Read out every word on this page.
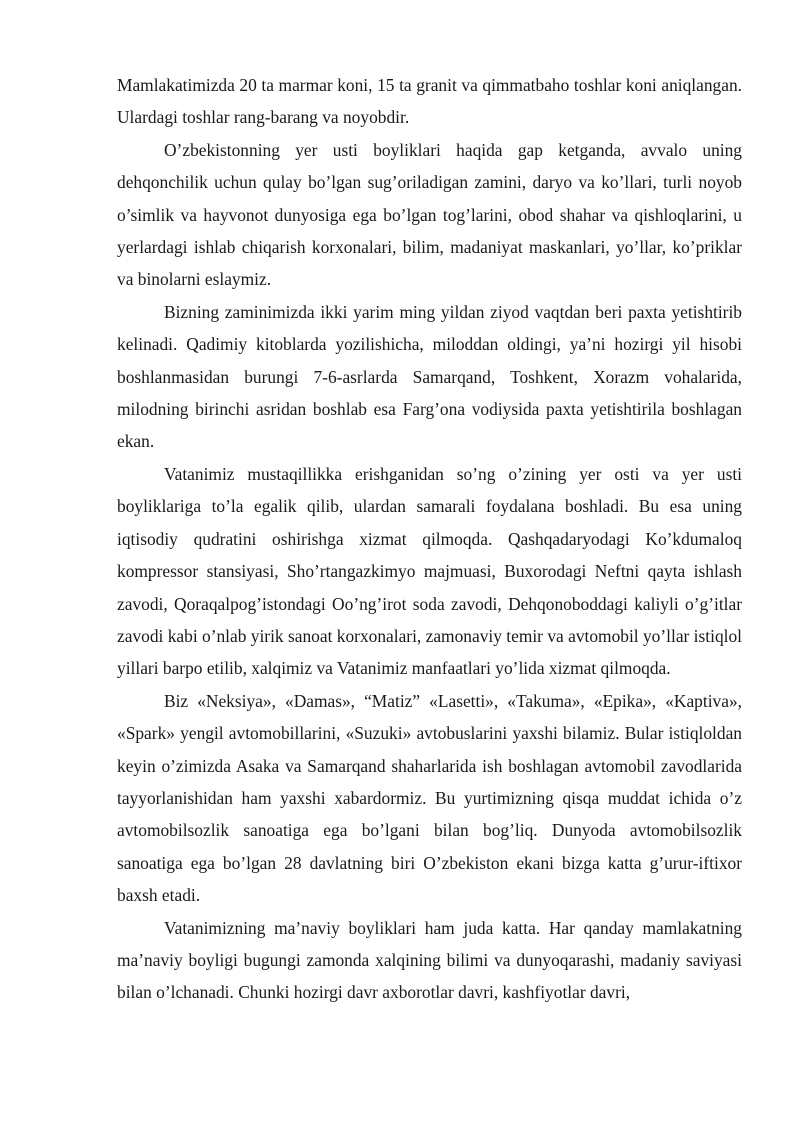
Mamlakatimizda 20 ta marmar koni, 15 ta granit va qimmatbaho toshlar koni aniqlangan. Ulardagi toshlar rang-barang va noyobdir.

O’zbekistonning yer usti boyliklari haqida gap ketganda, avvalo uning dehqonchilik uchun qulay bo’lgan sug’oriladigan zamini, daryo va ko’llari, turli noyob o’simlik va hayvonot dunyosiga ega bo’lgan tog’larini, obod shahar va qishloqlarini, u yerlardagi ishlab chiqarish korxonalari, bilim, madaniyat maskanlari, yo’llar, ko’priklar va binolarni eslaymiz.

Bizning zaminimizda ikki yarim ming yildan ziyod vaqtdan beri paxta yetishtirib kelinadi. Qadimiy kitoblarda yozilishicha, miloddan oldingi, ya’ni hozirgi yil hisobi boshlanmasidan burungi 7-6-asrlarda Samarqand, Toshkent, Xorazm vohalarida, milodning birinchi asridan boshlab esa Farg’ona vodiysida paxta yetishtirila boshlagan ekan.

Vatanimiz mustaqillikka erishganidan so’ng o’zining yer osti va yer usti boyliklariga to’la egalik qilib, ulardan samarali foydalana boshladi. Bu esa uning iqtisodiy qudratini oshirishga xizmat qilmoqda. Qashqadaryodagi Ko’kdumaloq kompressor stansiyasi, Sho’rtangazkimyo majmuasi, Buxorodagi Neftni qayta ishlash zavodi, Qoraqalpog’istondagi Oo’ng’irot soda zavodi, Dehqonoboddagi kaliyli o’g’itlar zavodi kabi o’nlab yirik sanoat korxonalari, zamonaviy temir va avtomobil yo’llar istiqlol yillari barpo etilib, xalqimiz va Vatanimiz manfaatlari yo’lida xizmat qilmoqda.

Biz «Neksiya», «Damas», “Matiz” «Lasetti», «Takuma», «Epika», «Kaptiva», «Spark» yengil avtomobillarini, «Suzuki» avtobuslarini yaxshi bilamiz. Bular istiqloldan keyin o’zimizda Asaka va Samarqand shaharlarida ish boshlagan avtomobil zavodlarida tayyorlanishidan ham yaxshi xabardormiz. Bu yurtimizning qisqa muddat ichida o’z avtomobilsozlik sanoatiga ega bo’lgani bilan bog’liq. Dunyoda avtomobilsozlik sanoatiga ega bo’lgan 28 davlatning biri O’zbekiston ekani bizga katta g’urur-iftixor baxsh etadi.

Vatanimizning ma’naviy boyliklari ham juda katta. Har qanday mamlakatning ma’naviy boyligi bugungi zamonda xalqining bilimi va dunyoqarashi, madaniy saviyasi bilan o’lchanadi. Chunki hozirgi davr axborotlar davri, kashfiyotlar davri,
